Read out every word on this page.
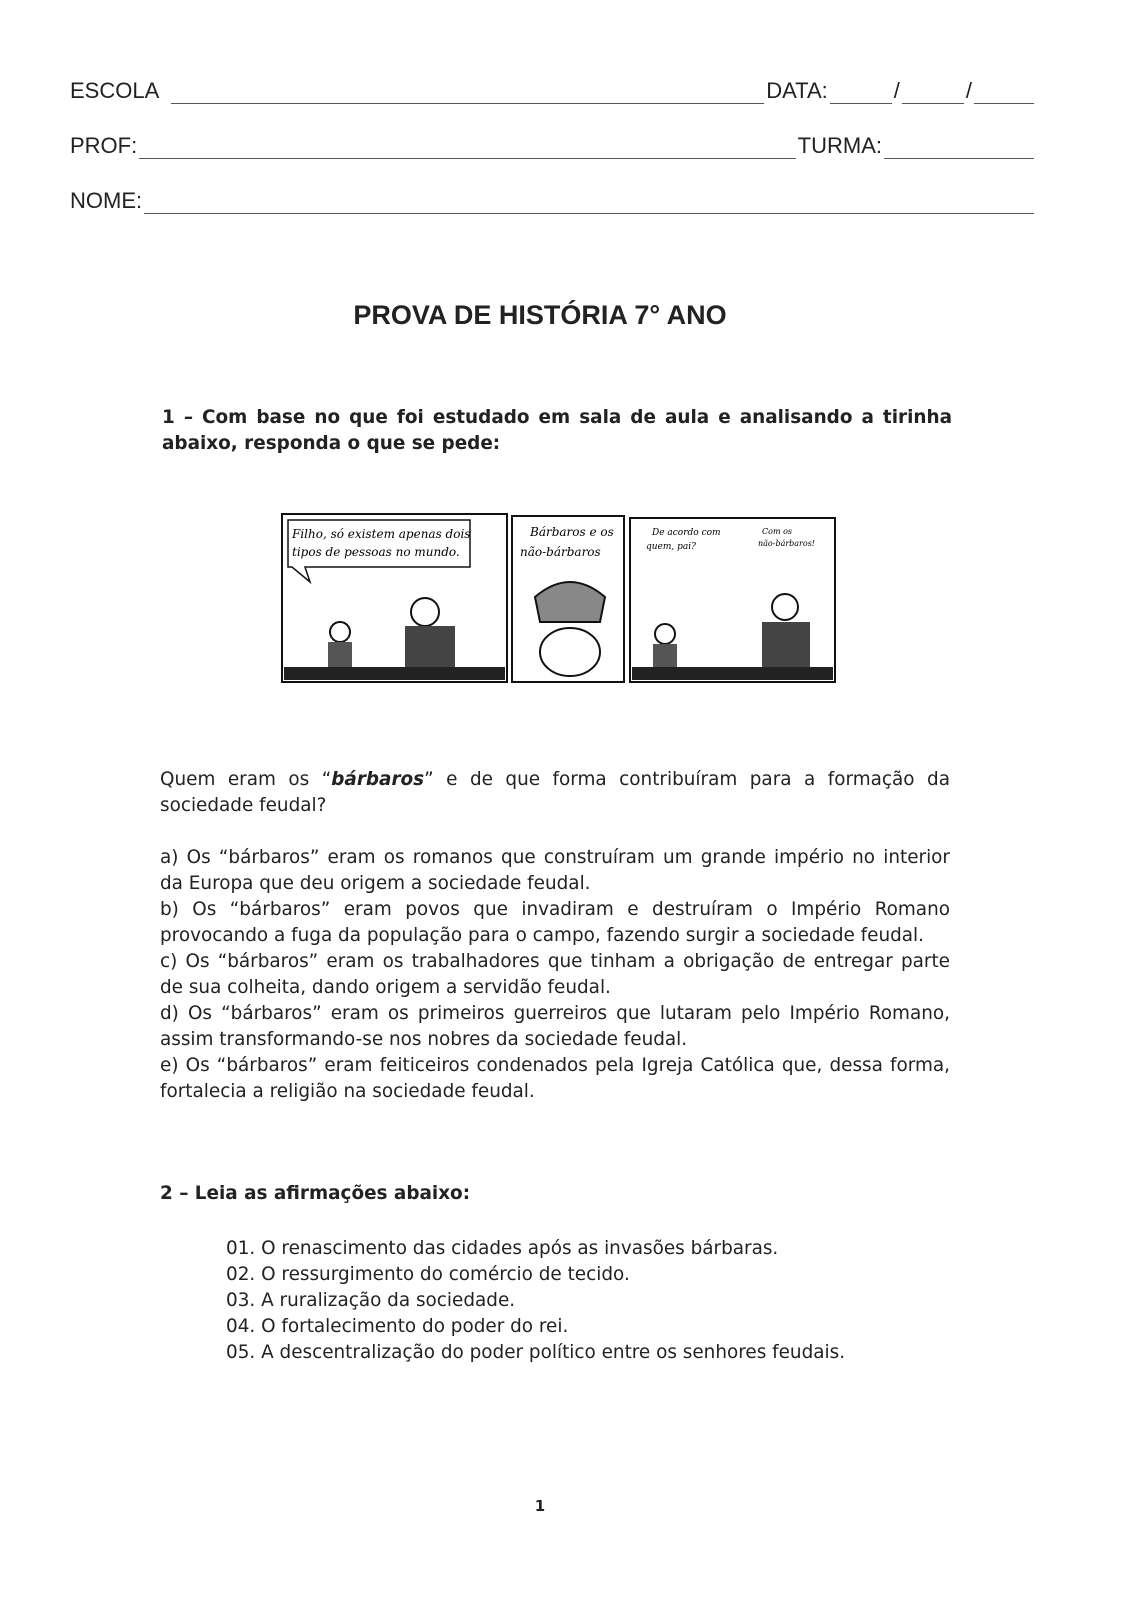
ESCOLA	DATA:	/	/
PROF:	TURMA:
NOME:
PROVA DE HISTÓRIA 7° ANO
1 – Com base no que foi estudado em sala de aula e analisando a tirinha abaixo, responda o que se pede:
Filho, só existem apenas dois
tipos de pessoas no mundo.
Bárbaros e os
não-bárbaros
De acordo com
quem, pai?
Com os
não-bárbaros!
Quem eram os “bárbaros” e de que forma contribuíram para a formação da sociedade feudal?
a) Os “bárbaros” eram os romanos que construíram um grande império no interior da Europa que deu origem a sociedade feudal.
b) Os “bárbaros” eram povos que invadiram e destruíram o Império Romano provocando a fuga da população para o campo, fazendo surgir a sociedade feudal.
c) Os “bárbaros” eram os trabalhadores que tinham a obrigação de entregar parte de sua colheita, dando origem a servidão feudal.
d) Os “bárbaros” eram os primeiros guerreiros que lutaram pelo Império Romano, assim transformando-se nos nobres da sociedade feudal.
e) Os “bárbaros” eram feiticeiros condenados pela Igreja Católica que, dessa forma, fortalecia a religião na sociedade feudal.
2 – Leia as afirmações abaixo:
01. O renascimento das cidades após as invasões bárbaras.
02. O ressurgimento do comércio de tecido.
03. A ruralização da sociedade.
04. O fortalecimento do poder do rei.
05. A descentralização do poder político entre os senhores feudais.
1
